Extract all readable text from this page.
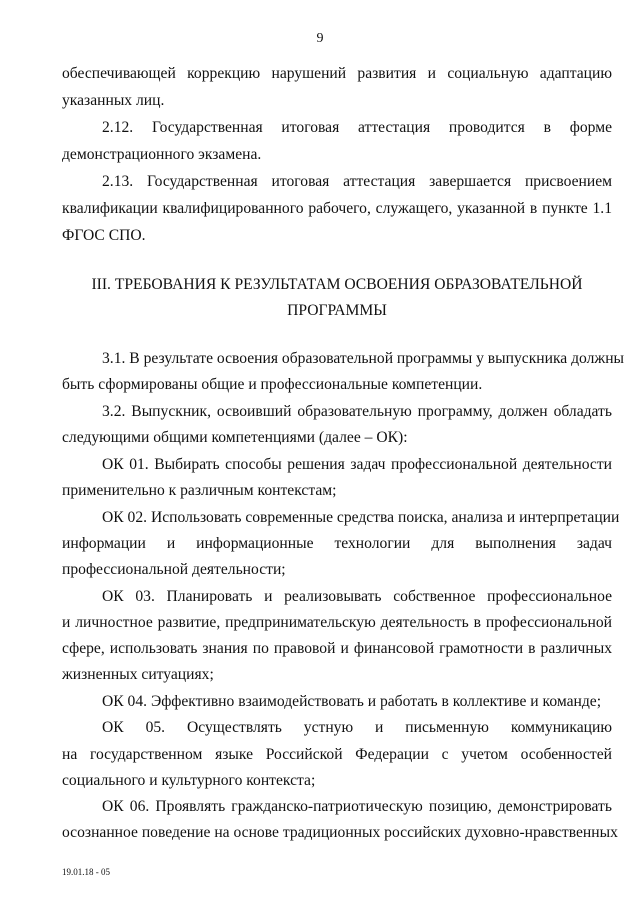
9
обеспечивающей коррекцию нарушений развития и социальную адаптацию
указанных лиц.
2.12. Государственная итоговая аттестация проводится в форме
демонстрационного экзамена.
2.13. Государственная итоговая аттестация завершается присвоением
квалификации квалифицированного рабочего, служащего, указанной в пункте 1.1
ФГОС СПО.
III. ТРЕБОВАНИЯ К РЕЗУЛЬТАТАМ ОСВОЕНИЯ ОБРАЗОВАТЕЛЬНОЙ
ПРОГРАММЫ
3.1. В результате освоения образовательной программы у выпускника должны
быть сформированы общие и профессиональные компетенции.
3.2. Выпускник, освоивший образовательную программу, должен обладать
следующими общими компетенциями (далее – ОК):
ОК 01. Выбирать способы решения задач профессиональной деятельности
применительно к различным контекстам;
ОК 02. Использовать современные средства поиска, анализа и интерпретации
информации и информационные технологии для выполнения задач
профессиональной деятельности;
ОК 03. Планировать и реализовывать собственное профессиональное
и личностное развитие, предпринимательскую деятельность в профессиональной
сфере, использовать знания по правовой и финансовой грамотности в различных
жизненных ситуациях;
ОК 04. Эффективно взаимодействовать и работать в коллективе и команде;
ОК 05. Осуществлять устную и письменную коммуникацию
на государственном языке Российской Федерации с учетом особенностей
социального и культурного контекста;
ОК 06. Проявлять гражданско-патриотическую позицию, демонстрировать
осознанное поведение на основе традиционных российских духовно-нравственных
19.01.18 - 05
